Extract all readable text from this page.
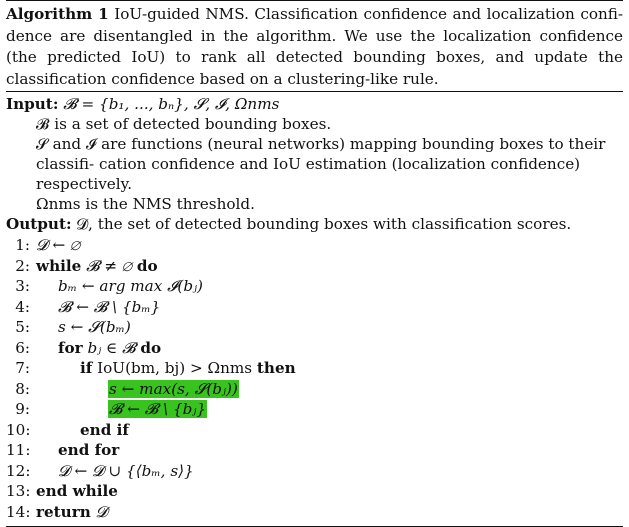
Algorithm 1 IoU-guided NMS. Classification confidence and localization confi- dence are disentangled in the algorithm. We use the localization confidence (the predicted IoU) to rank all detected bounding boxes, and update the classification confidence based on a clustering-like rule.
Input: 𝓑 = {b₁, ..., bₙ}, 𝓢, 𝓘, Ωnms
𝓑 is a set of detected bounding boxes.
𝓢 and 𝓘 are functions (neural networks) mapping bounding boxes to their classifi- cation confidence and IoU estimation (localization confidence) respectively.
Ωnms is the NMS threshold.
Output: 𝓓, the set of detected bounding boxes with classification scores.
1: 𝓓 ← ∅
2: while 𝓑 ≠ ∅ do
3:	bₘ ← arg max 𝓘(bⱼ)
4:	𝓑 ← 𝓑 \ {bₘ}
5:	s ← 𝓢(bₘ)
6:	for bⱼ ∈ 𝓑 do
7:	if IoU(bm, bj) > Ωnms then
8:	s ← max(s, 𝓢(bⱼ))
9:	𝓑 ← 𝓑 \ {bⱼ}
10:	end if
11:	end for
12:	𝓓 ← 𝓓 ∪ {⟨bₘ, s⟩}
13: end while
14: return 𝓓
